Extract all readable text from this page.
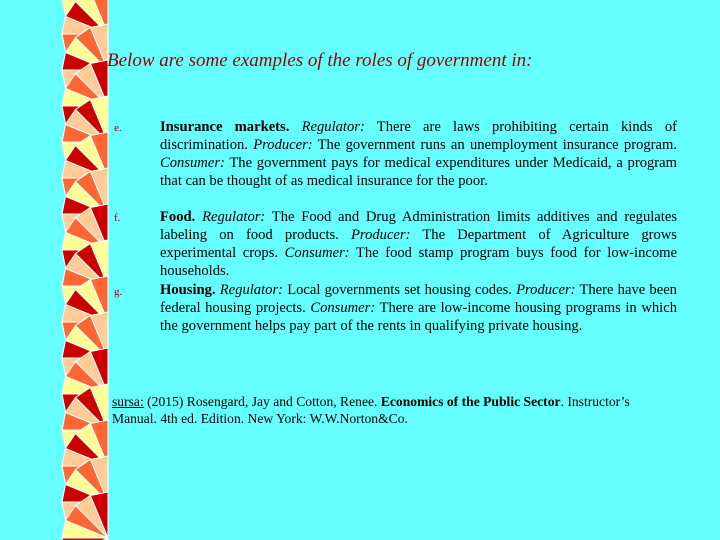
Below are some examples of the roles of government in:
e.	Insurance markets. Regulator: There are laws prohibiting certain kinds of discrimination. Producer: The government runs an unemployment insurance program. Consumer: The government pays for medical expenditures under Medicaid, a program that can be thought of as medical insurance for the poor.
f.	Food. Regulator: The Food and Drug Administration limits additives and regulates labeling on food products. Producer: The Department of Agriculture grows experimental crops. Consumer: The food stamp program buys food for low-income households.
g.	Housing. Regulator: Local governments set housing codes. Producer: There have been federal housing projects. Consumer: There are low-income housing programs in which the government helps pay part of the rents in qualifying private housing.
sursa: (2015) Rosengard, Jay and Cotton, Renee. Economics of the Public Sector. Instructor’s Manual. 4th ed. Edition. New York: W.W.Norton&Co.
